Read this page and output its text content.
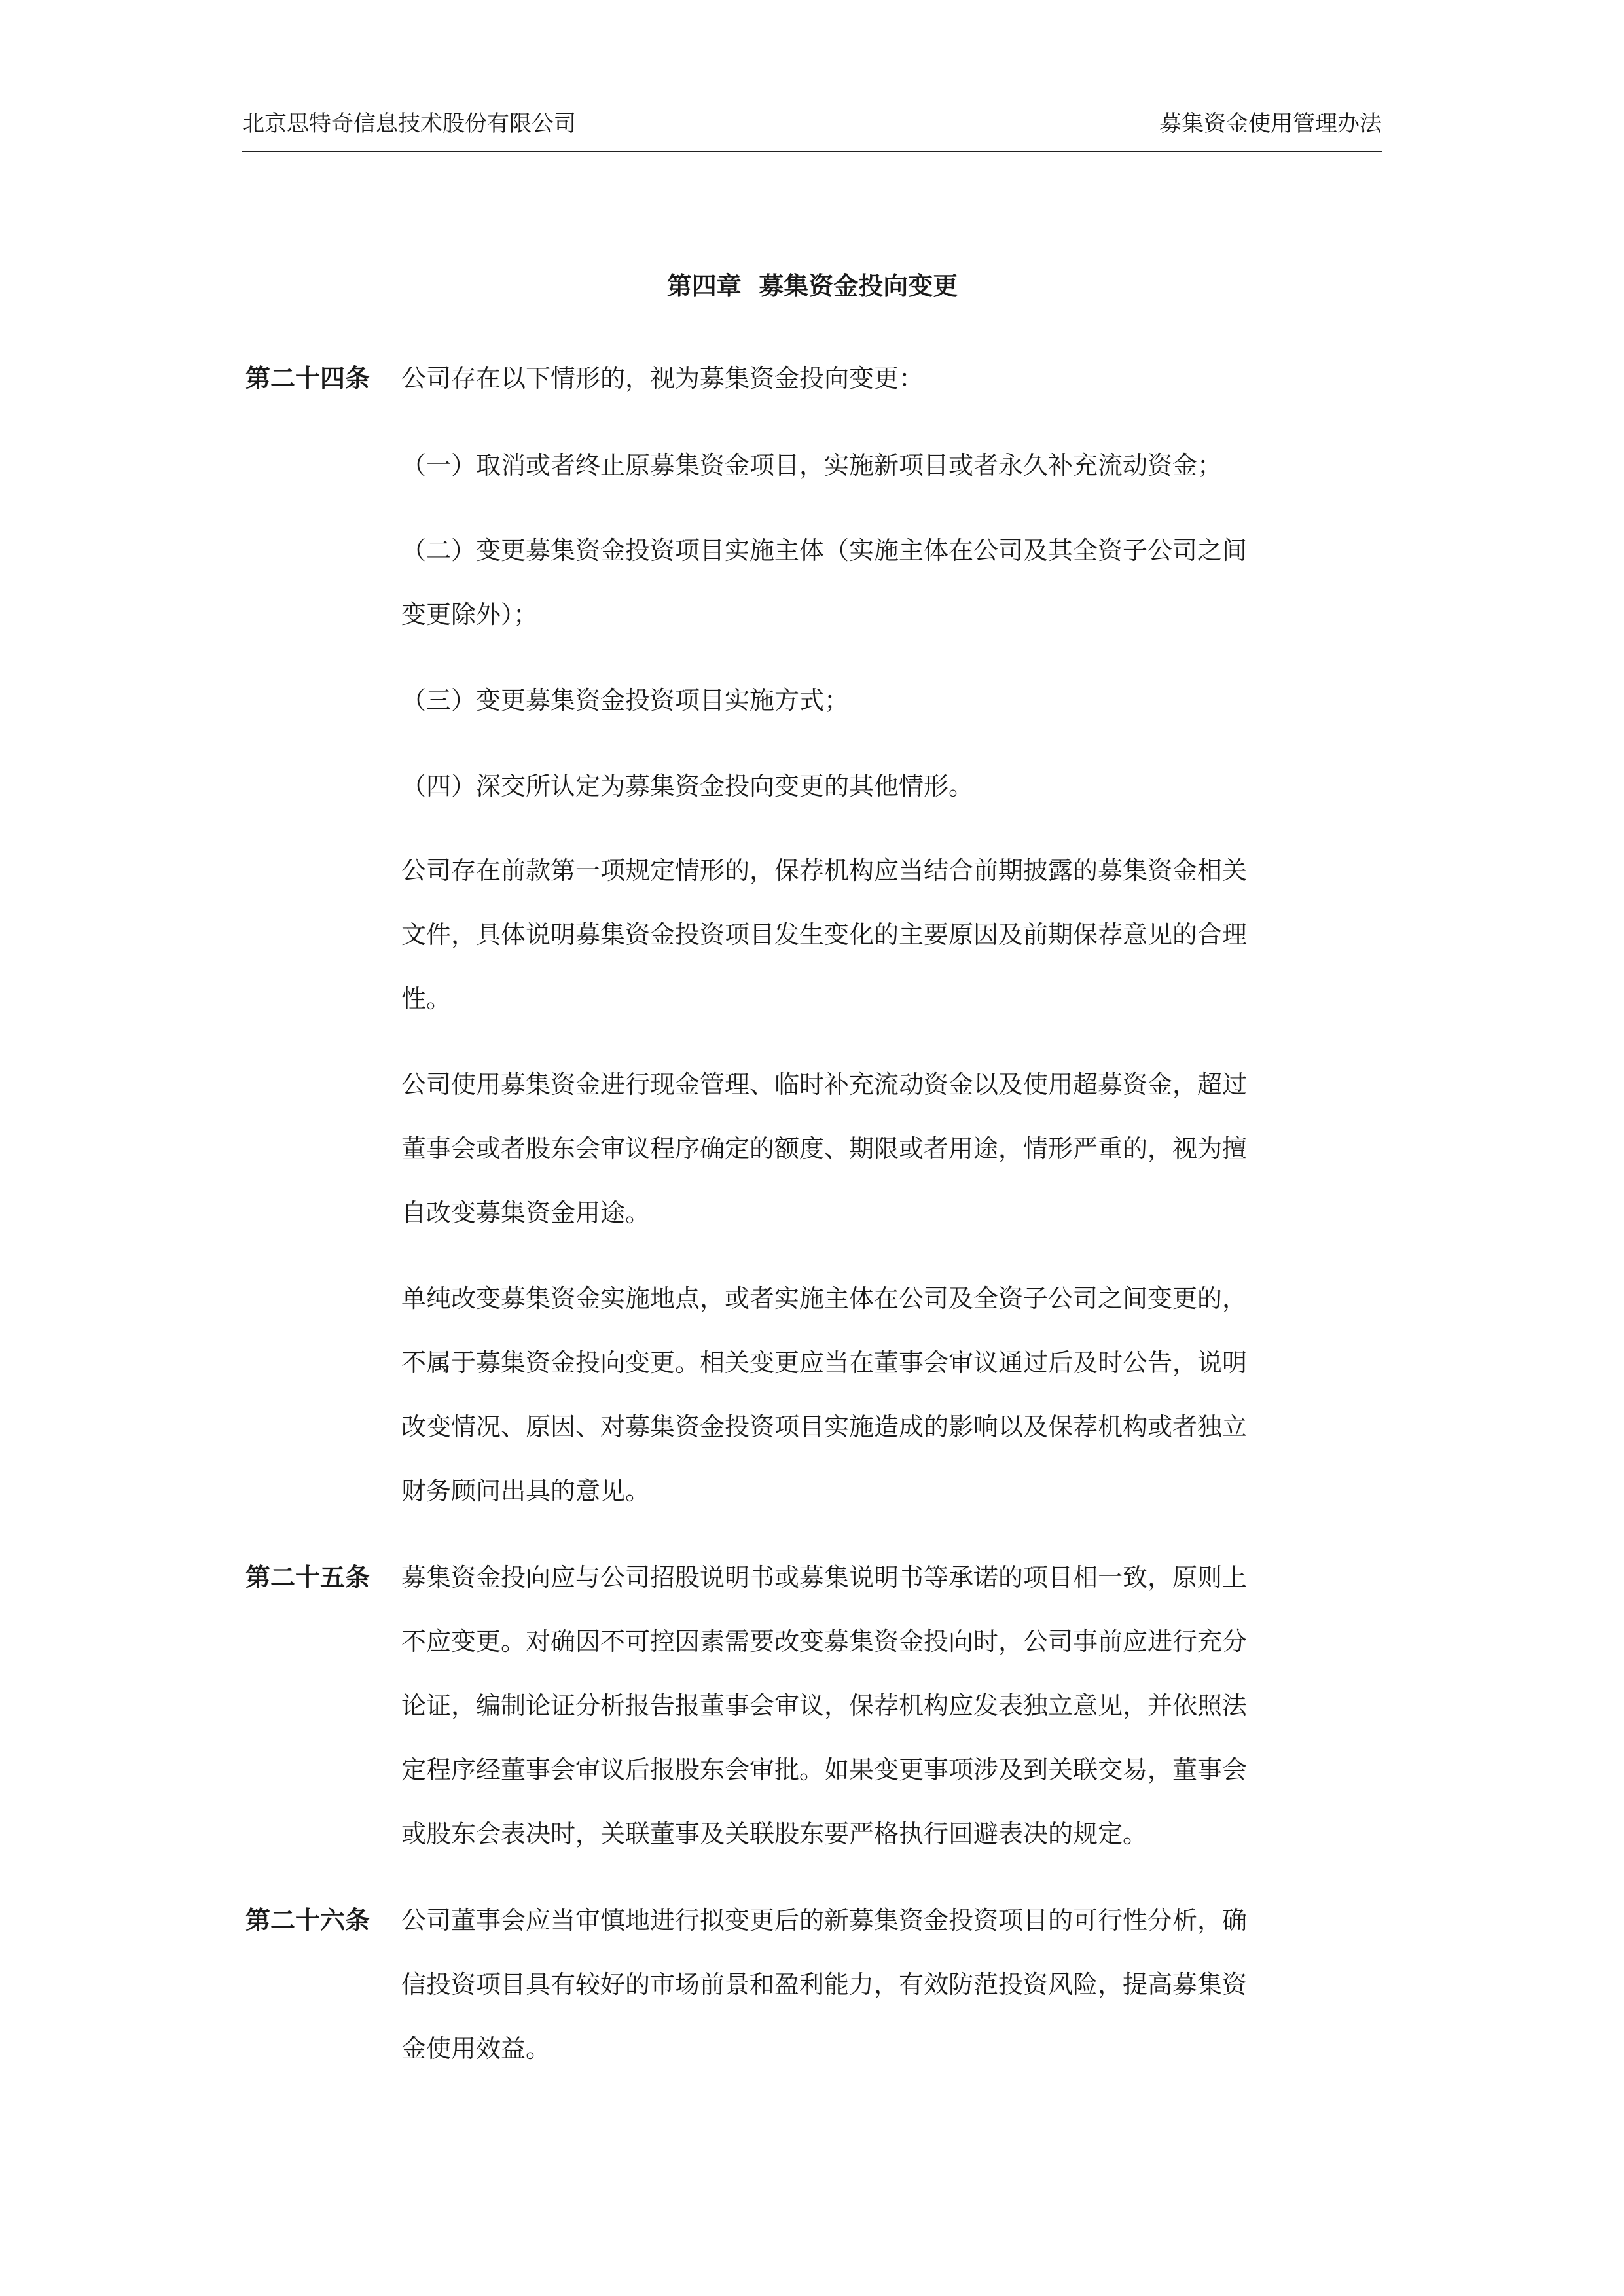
北京思特奇信息技术股份有限公司	募集资金使用管理办法
第四章  募集资金投向变更
第二十四条 公司存在以下情形的，视为募集资金投向变更：
（一）取消或者终止原募集资金项目，实施新项目或者永久补充流动资金；
（二）变更募集资金投资项目实施主体（实施主体在公司及其全资子公司之间
变更除外）；
（三）变更募集资金投资项目实施方式；
（四）深交所认定为募集资金投向变更的其他情形。
公司存在前款第一项规定情形的，保荐机构应当结合前期披露的募集资金相关
文件，具体说明募集资金投资项目发生变化的主要原因及前期保荐意见的合理
性。
公司使用募集资金进行现金管理、临时补充流动资金以及使用超募资金，超过
董事会或者股东会审议程序确定的额度、期限或者用途，情形严重的，视为擅
自改变募集资金用途。
单纯改变募集资金实施地点，或者实施主体在公司及全资子公司之间变更的，
不属于募集资金投向变更。相关变更应当在董事会审议通过后及时公告，说明
改变情况、原因、对募集资金投资项目实施造成的影响以及保荐机构或者独立
财务顾问出具的意见。
第二十五条 募集资金投向应与公司招股说明书或募集说明书等承诺的项目相一致，原则上
不应变更。对确因不可控因素需要改变募集资金投向时，公司事前应进行充分
论证，编制论证分析报告报董事会审议，保荐机构应发表独立意见，并依照法
定程序经董事会审议后报股东会审批。如果变更事项涉及到关联交易，董事会
或股东会表决时，关联董事及关联股东要严格执行回避表决的规定。
第二十六条 公司董事会应当审慎地进行拟变更后的新募集资金投资项目的可行性分析，确
信投资项目具有较好的市场前景和盈利能力，有效防范投资风险，提高募集资
金使用效益。
